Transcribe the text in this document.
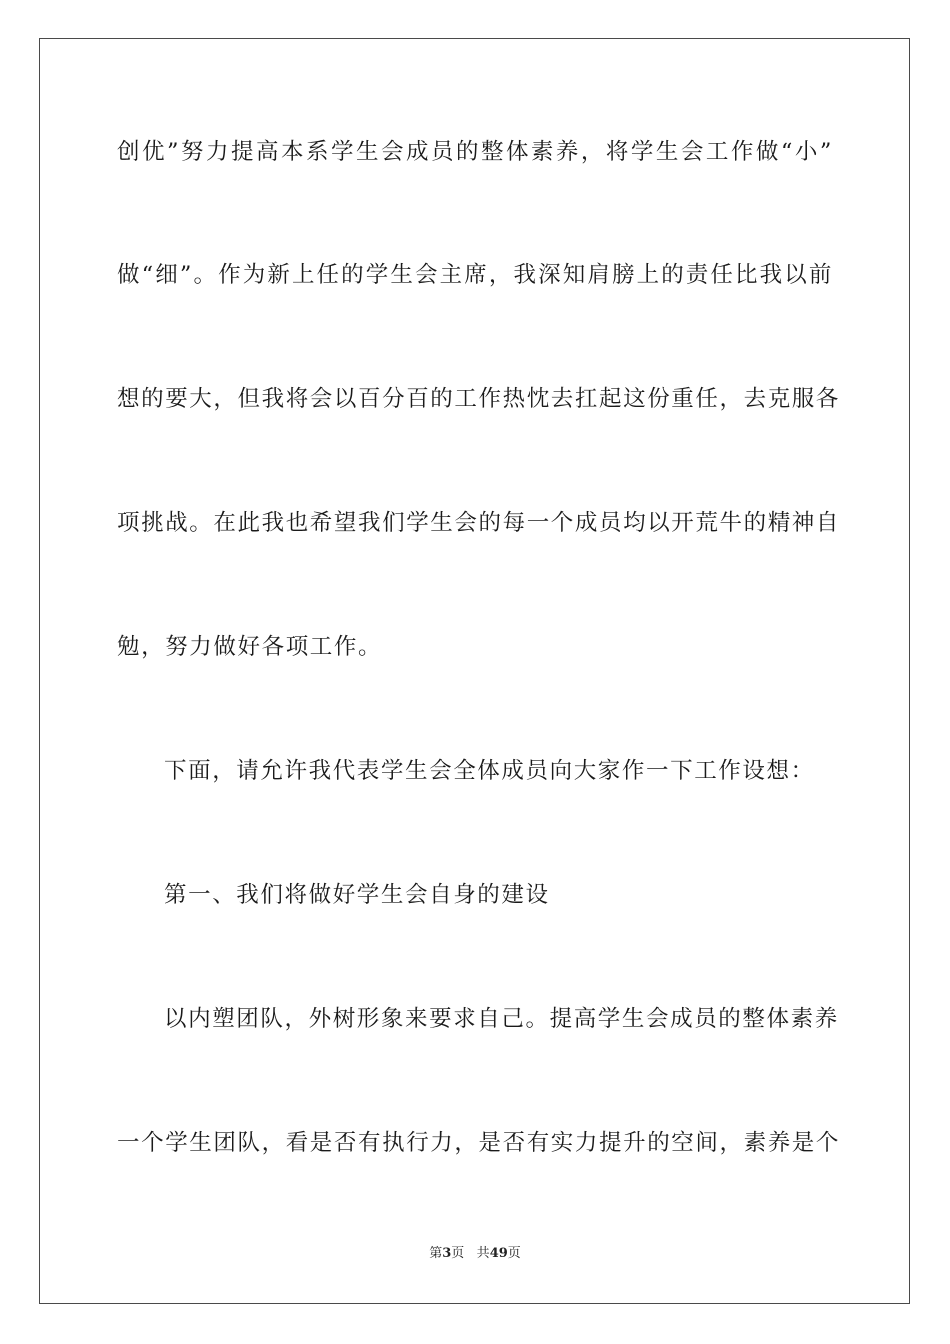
创优”努力提高本系学生会成员的整体素养，将学生会工作做“小”
做“细”。作为新上任的学生会主席，我深知肩膀上的责任比我以前
想的要大，但我将会以百分百的工作热忱去扛起这份重任，去克服各
项挑战。在此我也希望我们学生会的每一个成员均以开荒牛的精神自
勉，努力做好各项工作。
下面，请允许我代表学生会全体成员向大家作一下工作设想：
第一、我们将做好学生会自身的建设
以内塑团队，外树形象来要求自己。提高学生会成员的整体素养
一个学生团队，看是否有执行力，是否有实力提升的空间，素养是个
第3页 共49页
